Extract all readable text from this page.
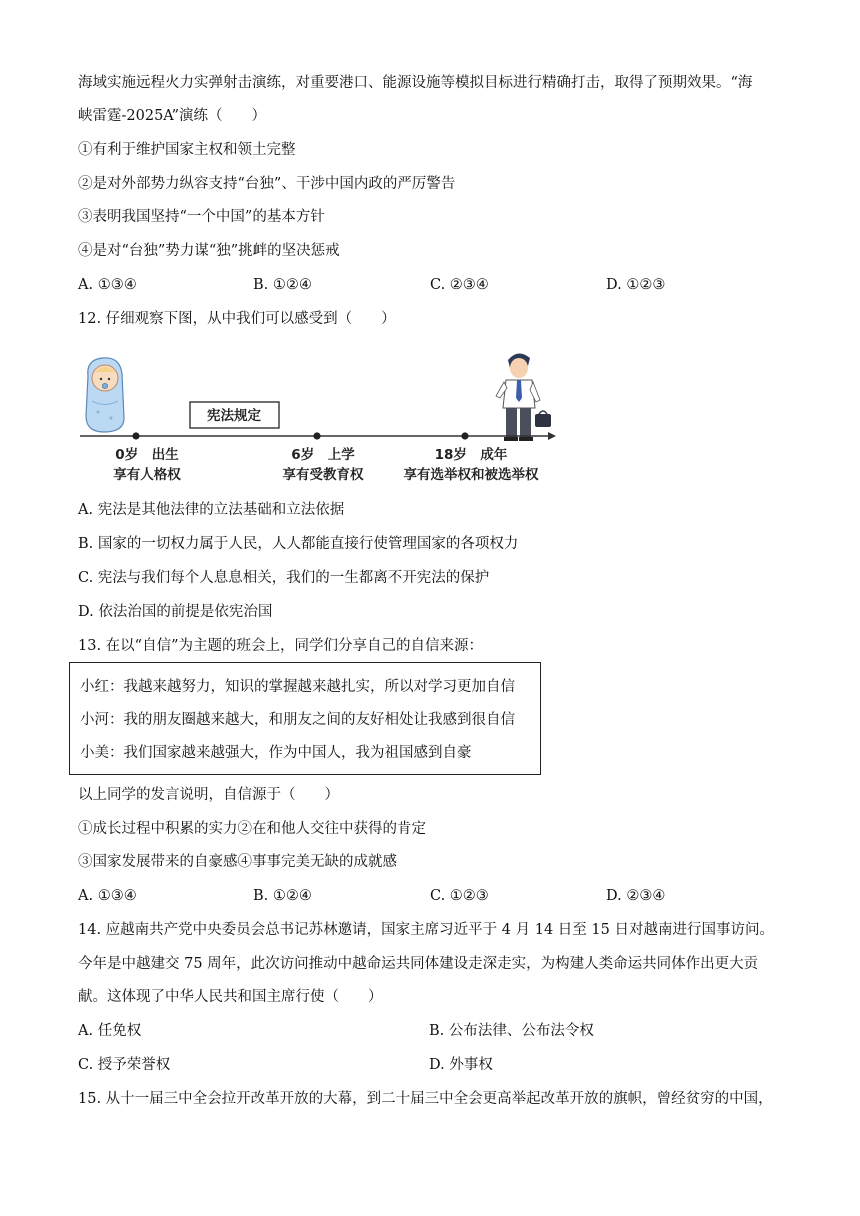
海域实施远程火力实弹射击演练，对重要港口、能源设施等模拟目标进行精确打击，取得了预期效果。“海
峡雷霆-2025A”演练（　　）
①有利于维护国家主权和领土完整
②是对外部势力纵容支持“台独”、干涉中国内政的严厉警告
③表明我国坚持“一个中国”的基本方针
④是对“台独”势力谋“独”挑衅的坚决惩戒
A. ①③④	B. ①②④	C. ②③④	D. ①②③
12. 仔细观察下图，从中我们可以感受到（　　）
宪法规定
0岁　出生
享有人格权
6岁　上学
享有受教育权
18岁　成年
享有选举权和被选举权
A. 宪法是其他法律的立法基础和立法依据
B. 国家的一切权力属于人民，人人都能直接行使管理国家的各项权力
C. 宪法与我们每个人息息相关，我们的一生都离不开宪法的保护
D. 依法治国的前提是依宪治国
13. 在以“自信”为主题的班会上，同学们分享自己的自信来源：
小红：我越来越努力，知识的掌握越来越扎实，所以对学习更加自信
小河：我的朋友圈越来越大，和朋友之间的友好相处让我感到很自信
小美：我们国家越来越强大，作为中国人，我为祖国感到自豪
以上同学的发言说明，自信源于（　　）
①成长过程中积累的实力②在和他人交往中获得的肯定
③国家发展带来的自豪感④事事完美无缺的成就感
A. ①③④	B. ①②④	C. ①②③	D. ②③④
14. 应越南共产党中央委员会总书记苏林邀请，国家主席习近平于 4 月 14 日至 15 日对越南进行国事访问。
今年是中越建交 75 周年，此次访问推动中越命运共同体建设走深走实，为构建人类命运共同体作出更大贡
献。这体现了中华人民共和国主席行使（　　）
A. 任免权	B. 公布法律、公布法令权
C. 授予荣誉权	D. 外事权
15. 从十一届三中全会拉开改革开放的大幕，到二十届三中全会更高举起改革开放的旗帜，曾经贫穷的中国，
